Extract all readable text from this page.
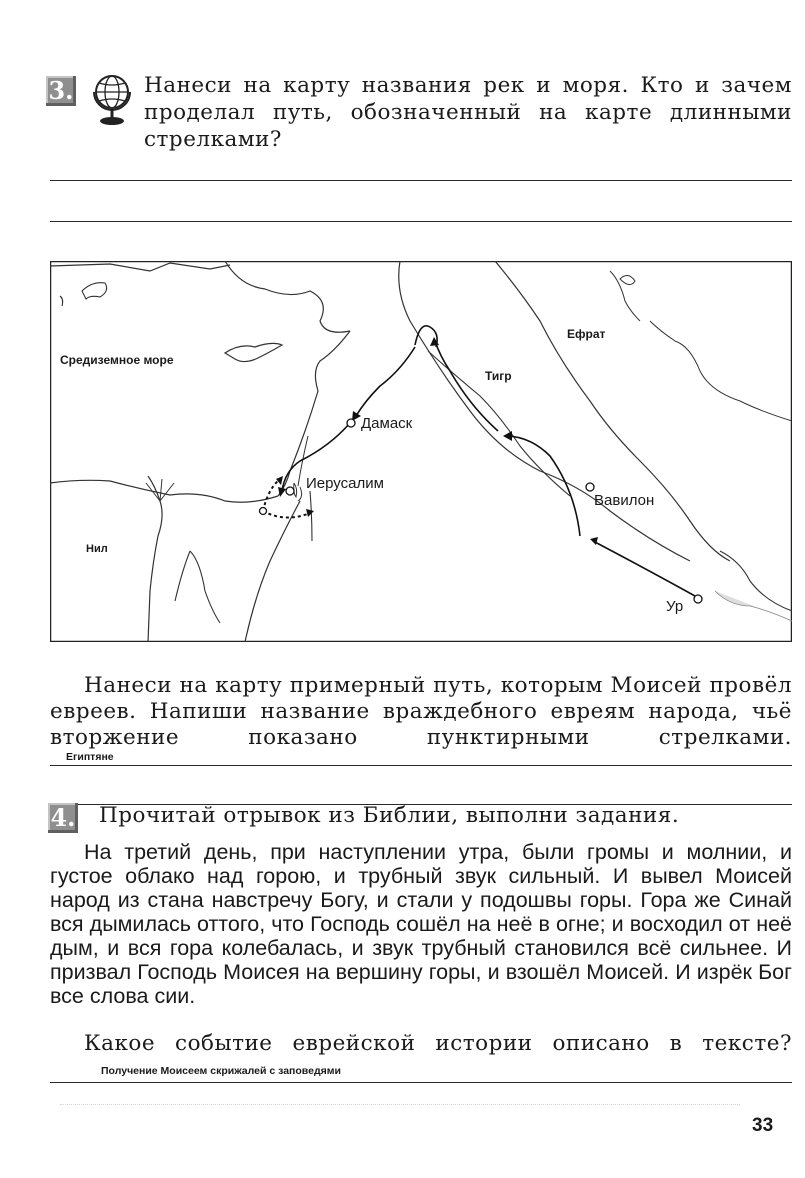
3.	Нанеси на карту названия рек и моря. Кто и зачем проделал путь, обозначенный на карте длинными стрелками?
Средиземное море
Ефрат
Тигр
Дамаск
Иерусалим
Вавилон
Нил
Ур
Нанеси на карту примерный путь, которым Моисей провёл евреев. Напиши название враждебного евреям народа, чьё вторжение показано пунктирными стрелками.
Египтяне
4. Прочитай отрывок из Библии, выполни задания.
На третий день, при наступлении утра, были громы и молнии, и густое облако над горою, и трубный звук сильный. И вывел Моисей народ из стана навстречу Богу, и стали у подошвы горы. Гора же Синай вся дымилась оттого, что Господь сошёл на неё в огне; и восходил от неё дым, и вся гора колебалась, и звук трубный становился всё сильнее. И призвал Господь Моисея на вершину горы, и взошёл Моисей. И изрёк Бог все слова сии.
Какое событие еврейской истории описано в тексте?
Получение Моисеем скрижалей с заповедями
33
